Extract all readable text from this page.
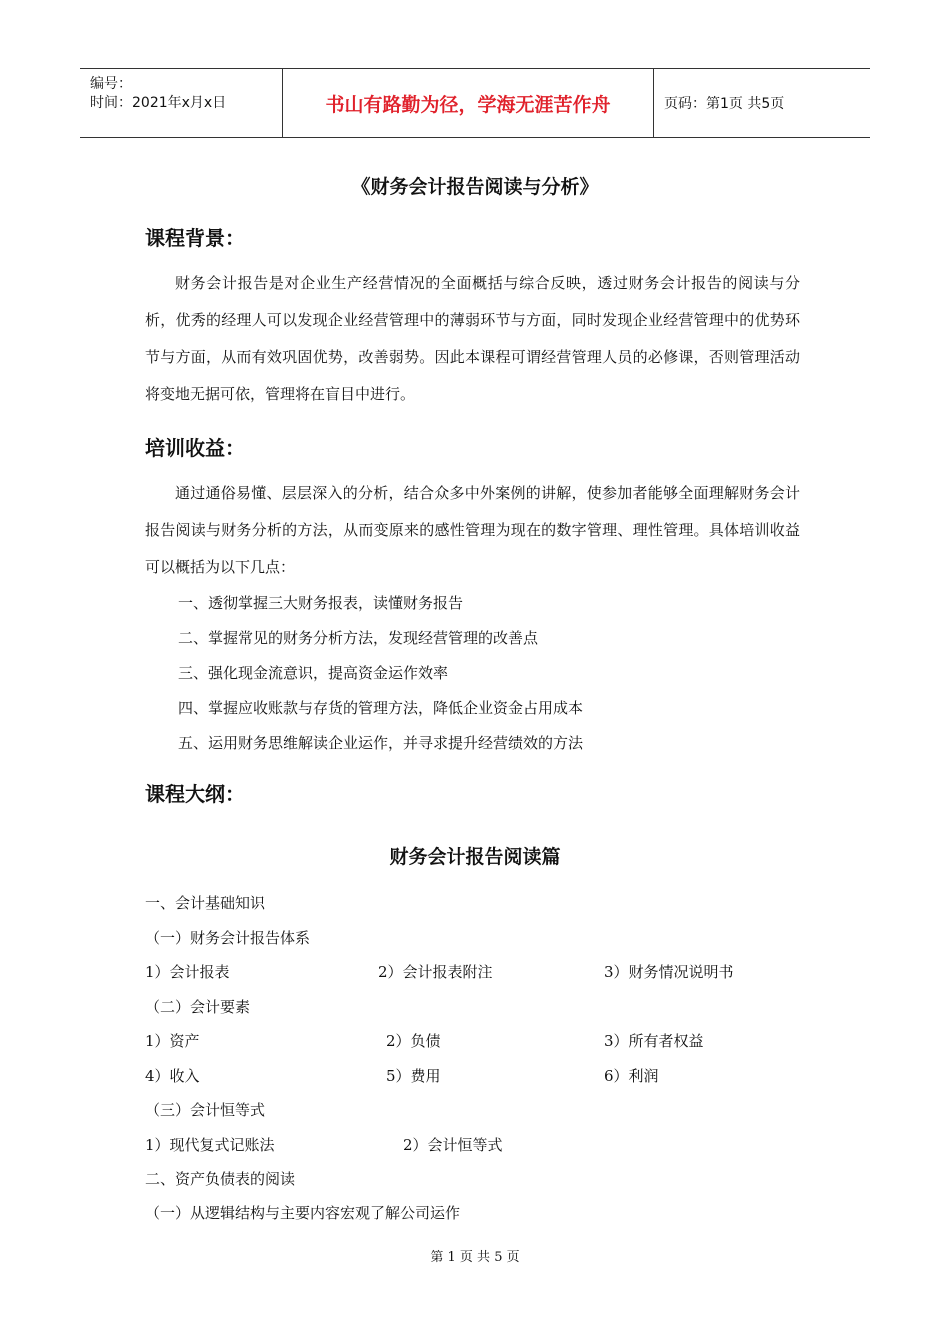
编号：
时间：2021年x月x日	书山有路勤为径，学海无涯苦作舟	页码：第1页 共5页
《财务会计报告阅读与分析》
课程背景：
财务会计报告是对企业生产经营情况的全面概括与综合反映，透过财务会计报告的阅读与分析，优秀的经理人可以发现企业经营管理中的薄弱环节与方面，同时发现企业经营管理中的优势环节与方面，从而有效巩固优势，改善弱势。因此本课程可谓经营管理人员的必修课，否则管理活动将变地无据可依，管理将在盲目中进行。
培训收益：
通过通俗易懂、层层深入的分析，结合众多中外案例的讲解，使参加者能够全面理解财务会计报告阅读与财务分析的方法，从而变原来的感性管理为现在的数字管理、理性管理。具体培训收益可以概括为以下几点：
一、透彻掌握三大财务报表，读懂财务报告
二、掌握常见的财务分析方法，发现经营管理的改善点
三、强化现金流意识，提高资金运作效率
四、掌握应收账款与存货的管理方法，降低企业资金占用成本
五、运用财务思维解读企业运作，并寻求提升经营绩效的方法
课程大纲：
财务会计报告阅读篇
一、会计基础知识
（一）财务会计报告体系
1）会计报表	2）会计报表附注	3）财务情况说明书
（二）会计要素
1）资产	2）负债	3）所有者权益
4）收入	5）费用	6）利润
（三）会计恒等式
1）现代复式记账法	2）会计恒等式
二、资产负债表的阅读
（一）从逻辑结构与主要内容宏观了解公司运作
第 1 页 共 5 页
